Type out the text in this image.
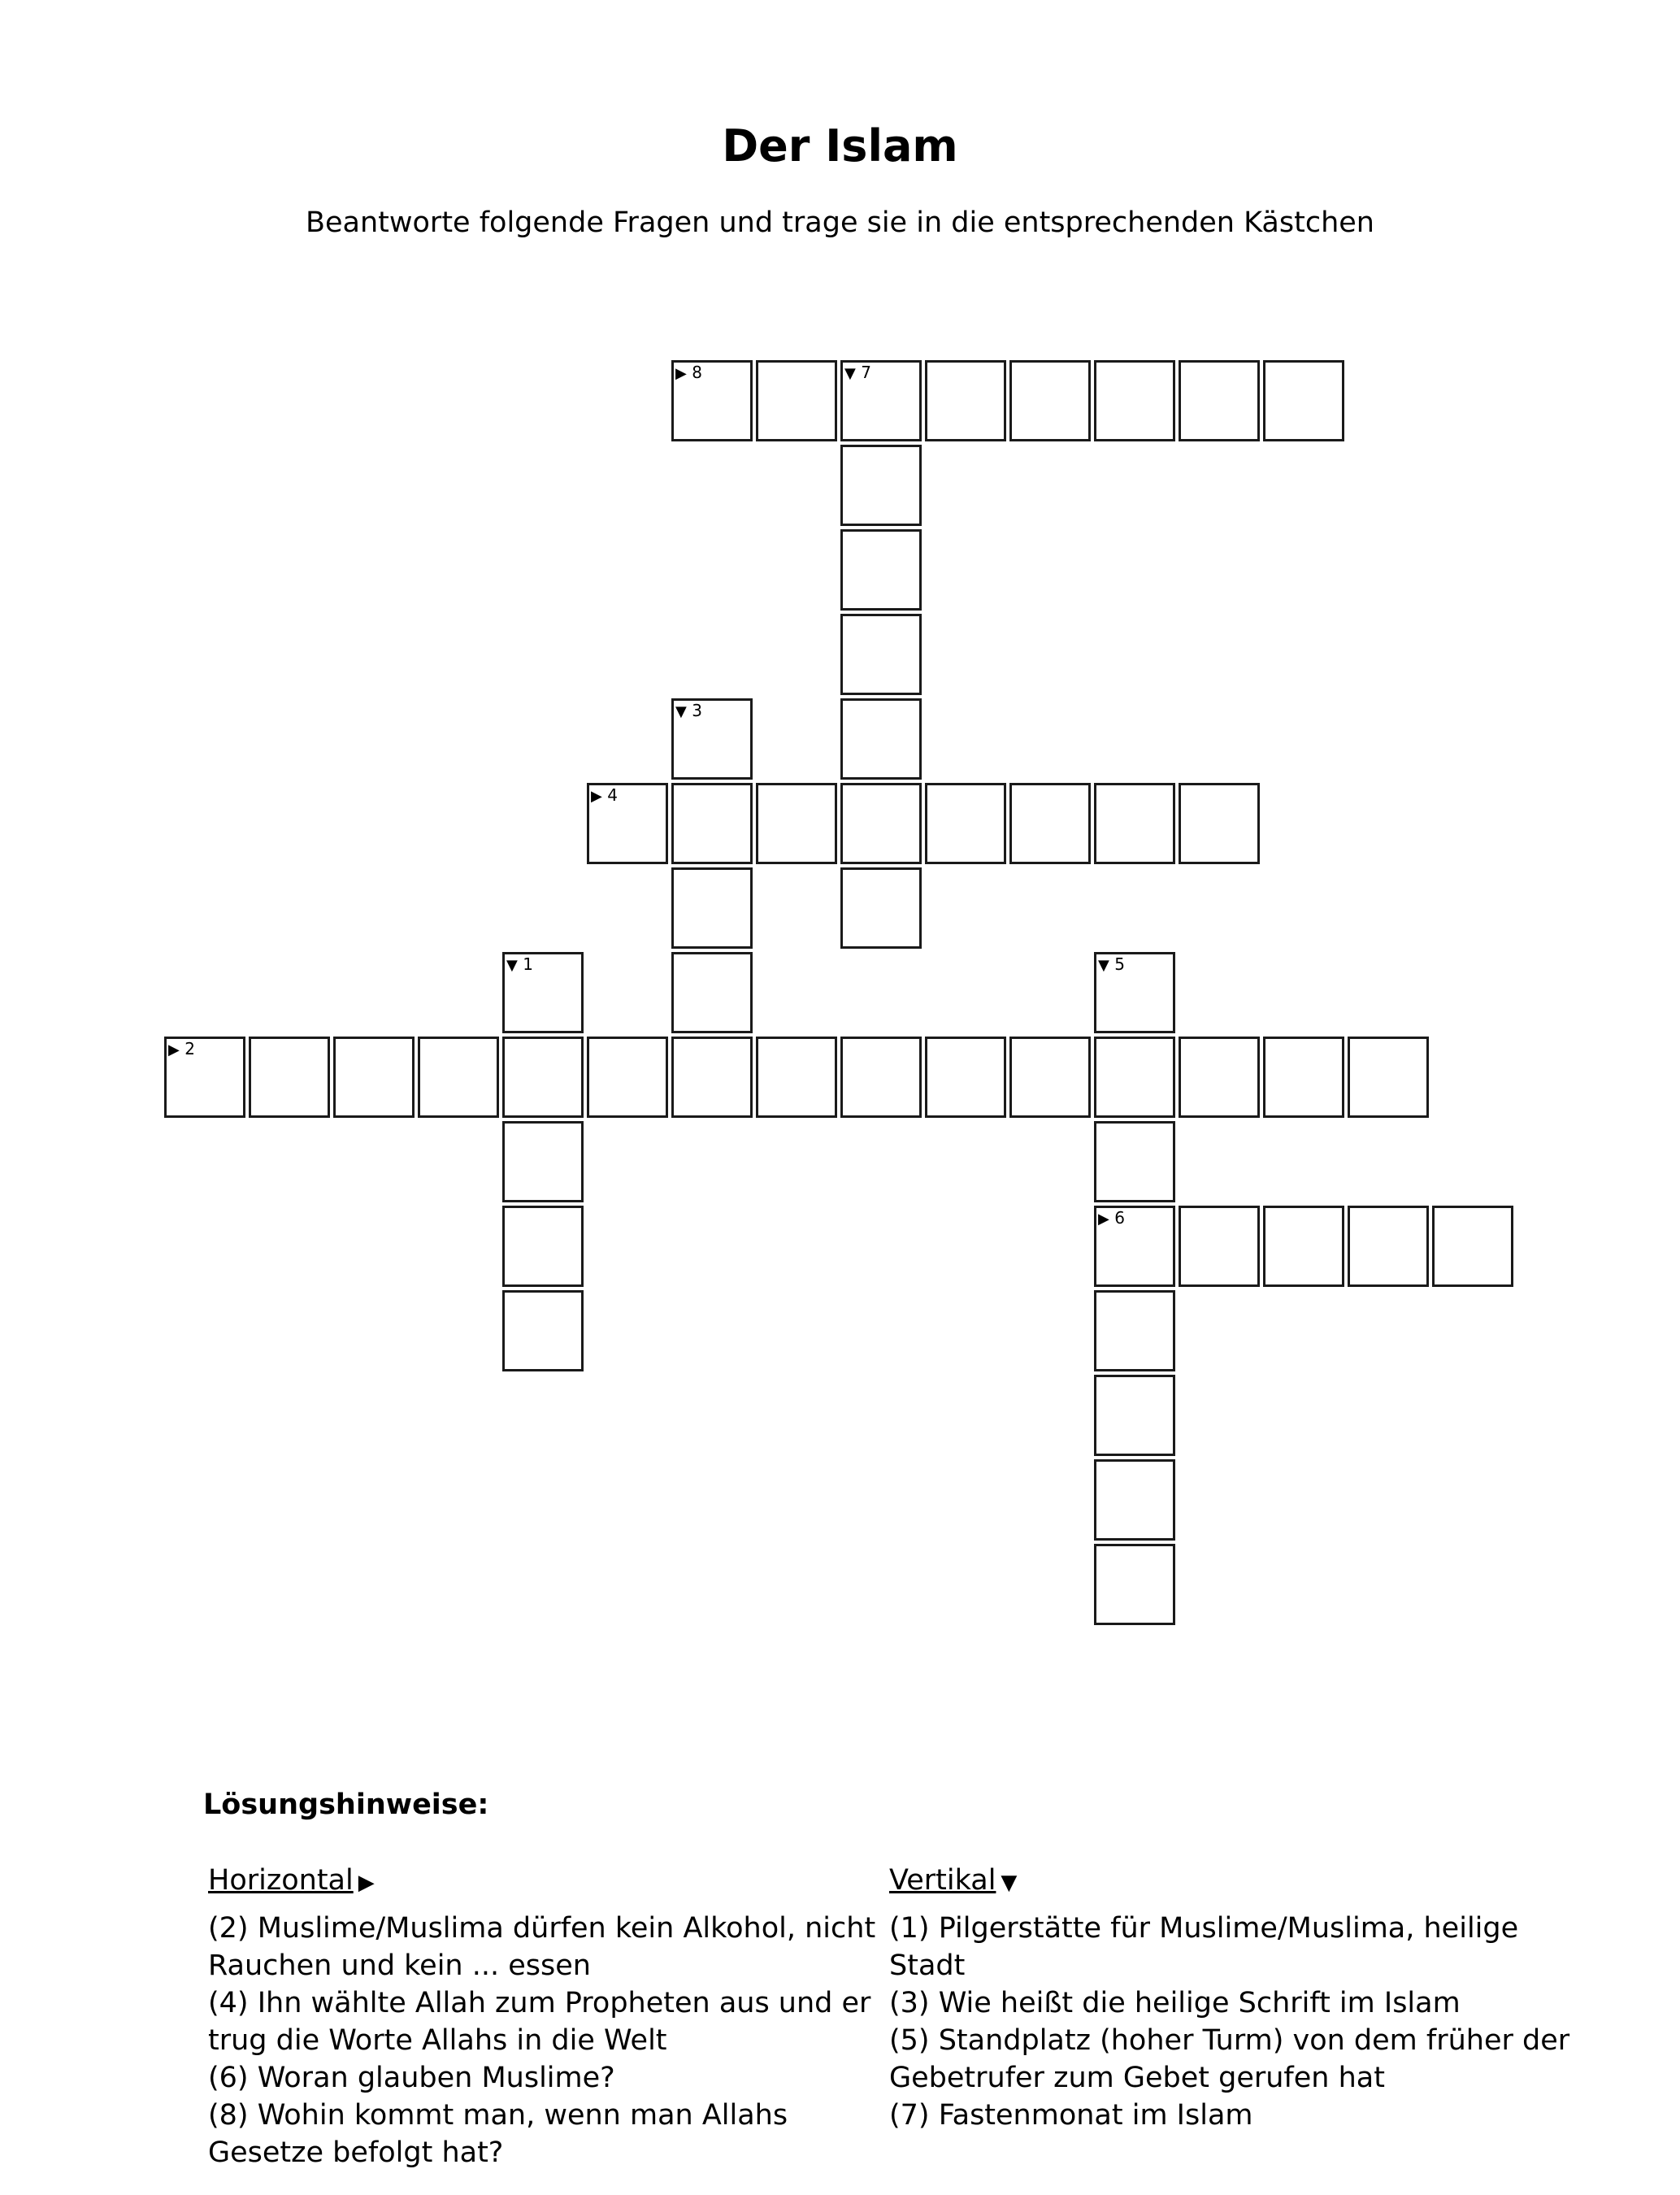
Der Islam
Beantworte folgende Fragen und trage sie in die entsprechenden Kästchen
▶ 8	▼ 7
▼ 3
▶ 4
▼ 1	▼ 5
▶ 6
▶ 2
Lösungshinweise:
Horizontal ▶

(2) Muslime/Muslima dürfen kein Alkohol, nicht Rauchen und kein ... essen

(4) Ihn wählte Allah zum Propheten aus und er trug die Worte Allahs in die Welt

(6) Woran glauben Muslime?

(8) Wohin kommt man, wenn man Allahs Gesetze befolgt hat?

Vertikal ▼

(1) Pilgerstätte für Muslime/Muslima, heilige Stadt

(3) Wie heißt die heilige Schrift im Islam

(5) Standplatz (hoher Turm) von dem früher der Gebetrufer zum Gebet gerufen hat

(7) Fastenmonat im Islam
